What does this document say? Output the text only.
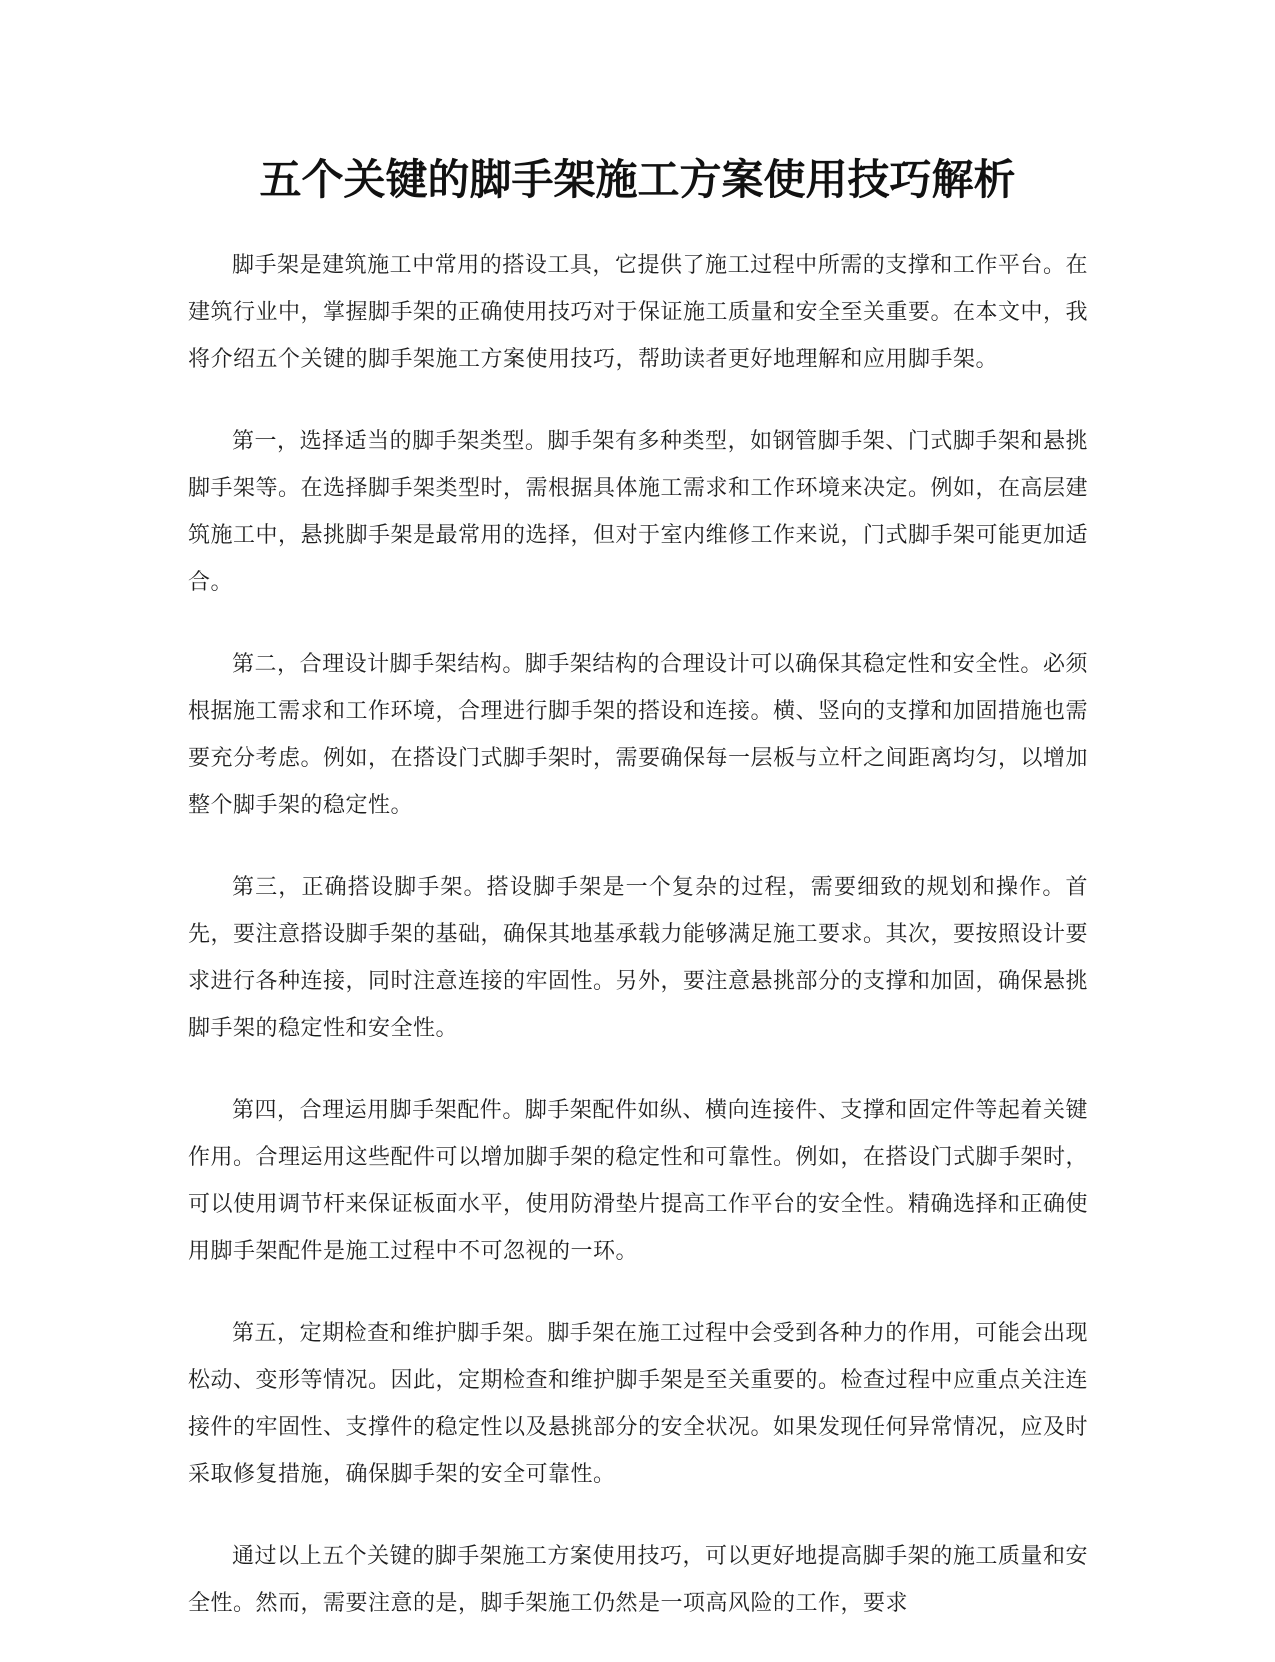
五个关键的脚手架施工方案使用技巧解析

脚手架是建筑施工中常用的搭设工具，它提供了施工过程中所需的支撑和工作平台。在建筑行业中，掌握脚手架的正确使用技巧对于保证施工质量和安全至关重要。在本文中，我将介绍五个关键的脚手架施工方案使用技巧，帮助读者更好地理解和应用脚手架。

第一，选择适当的脚手架类型。脚手架有多种类型，如钢管脚手架、门式脚手架和悬挑脚手架等。在选择脚手架类型时，需根据具体施工需求和工作环境来决定。例如，在高层建筑施工中，悬挑脚手架是最常用的选择，但对于室内维修工作来说，门式脚手架可能更加适合。

第二，合理设计脚手架结构。脚手架结构的合理设计可以确保其稳定性和安全性。必须根据施工需求和工作环境，合理进行脚手架的搭设和连接。横、竖向的支撑和加固措施也需要充分考虑。例如，在搭设门式脚手架时，需要确保每一层板与立杆之间距离均匀，以增加整个脚手架的稳定性。

第三，正确搭设脚手架。搭设脚手架是一个复杂的过程，需要细致的规划和操作。首先，要注意搭设脚手架的基础，确保其地基承载力能够满足施工要求。其次，要按照设计要求进行各种连接，同时注意连接的牢固性。另外，要注意悬挑部分的支撑和加固，确保悬挑脚手架的稳定性和安全性。

第四，合理运用脚手架配件。脚手架配件如纵、横向连接件、支撑和固定件等起着关键作用。合理运用这些配件可以增加脚手架的稳定性和可靠性。例如，在搭设门式脚手架时，可以使用调节杆来保证板面水平，使用防滑垫片提高工作平台的安全性。精确选择和正确使用脚手架配件是施工过程中不可忽视的一环。

第五，定期检查和维护脚手架。脚手架在施工过程中会受到各种力的作用，可能会出现松动、变形等情况。因此，定期检查和维护脚手架是至关重要的。检查过程中应重点关注连接件的牢固性、支撑件的稳定性以及悬挑部分的安全状况。如果发现任何异常情况，应及时采取修复措施，确保脚手架的安全可靠性。

通过以上五个关键的脚手架施工方案使用技巧，可以更好地提高脚手架的施工质量和安全性。然而，需要注意的是，脚手架施工仍然是一项高风险的工作，要求
